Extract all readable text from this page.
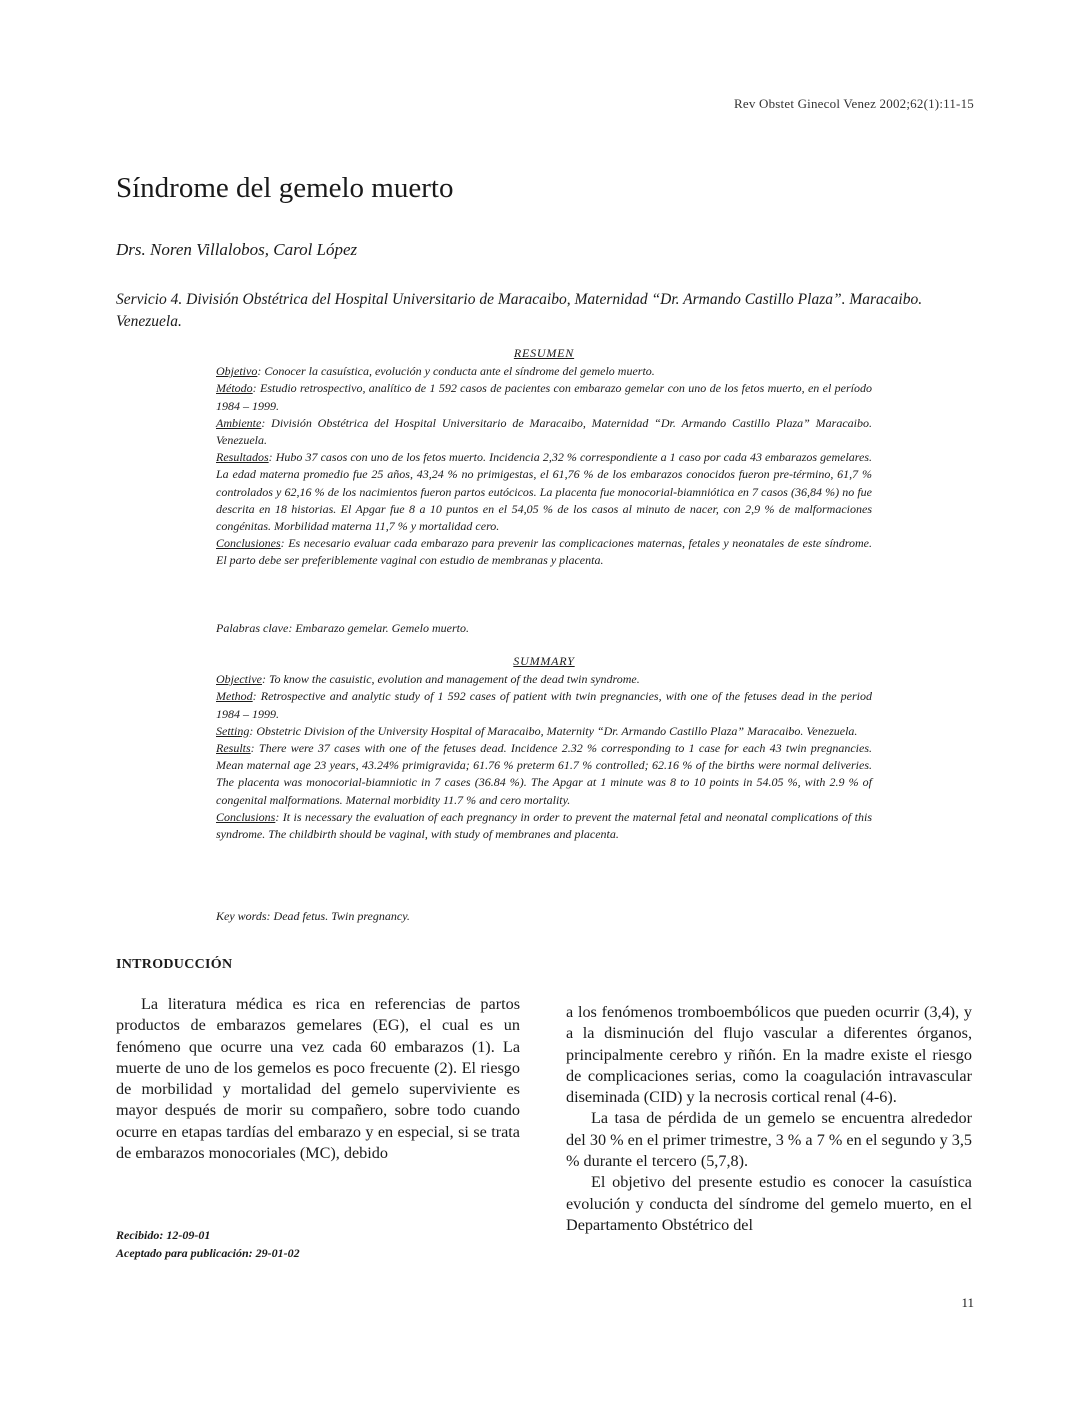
Rev Obstet Ginecol Venez 2002;62(1):11-15
Síndrome del gemelo muerto
Drs. Noren Villalobos, Carol López
Servicio 4. División Obstétrica del Hospital Universitario de Maracaibo, Maternidad “Dr. Armando Castillo Plaza”. Maracaibo. Venezuela.
RESUMEN

Objetivo: Conocer la casuística, evolución y conducta ante el síndrome del gemelo muerto.

Método: Estudio retrospectivo, analítico de 1 592 casos de pacientes con embarazo gemelar con uno de los fetos muerto, en el período 1984 – 1999.

Ambiente: División Obstétrica del Hospital Universitario de Maracaibo, Maternidad “Dr. Armando Castillo Plaza” Maracaibo. Venezuela.

Resultados: Hubo 37 casos con uno de los fetos muerto. Incidencia 2,32 % correspondiente a 1 caso por cada 43 embarazos gemelares. La edad materna promedio fue 25 años, 43,24 % no primigestas, el 61,76 % de los embarazos conocidos fueron pre-término, 61,7 % controlados y 62,16 % de los nacimientos fueron partos eutócicos. La placenta fue monocorial-biamniótica en 7 casos (36,84 %) no fue descrita en 18 historias. El Apgar fue 8 a 10 puntos en el 54,05 % de los casos al minuto de nacer, con 2,9 % de malformaciones congénitas. Morbilidad materna 11,7 % y mortalidad cero.

Conclusiones: Es necesario evaluar cada embarazo para prevenir las complicaciones maternas, fetales y neonatales de este síndrome. El parto debe ser preferiblemente vaginal con estudio de membranas y placenta.

Palabras clave: Embarazo gemelar. Gemelo muerto.
SUMMARY

Objective: To know the casuistic, evolution and management of the dead twin syndrome.

Method: Retrospective and analytic study of 1 592 cases of patient with twin pregnancies, with one of the fetuses dead in the period 1984 – 1999.

Setting: Obstetric Division of the University Hospital of Maracaibo, Maternity “Dr. Armando Castillo Plaza” Maracaibo. Venezuela.

Results: There were 37 cases with one of the fetuses dead. Incidence 2.32 % corresponding to 1 case for each 43 twin pregnancies. Mean maternal age 23 years, 43.24% primigravida; 61.76 % preterm 61.7 % controlled; 62.16 % of the births were normal deliveries. The placenta was monocorial-biamniotic in 7 cases (36.84 %). The Apgar at 1 minute was 8 to 10 points in 54.05 %, with 2.9 % of congenital malformations. Maternal morbidity 11.7 % and cero mortality.

Conclusions: It is necessary the evaluation of each pregnancy in order to prevent the maternal fetal and neonatal complications of this syndrome. The childbirth should be vaginal, with study of membranes and placenta.

Key words: Dead fetus. Twin pregnancy.
INTRODUCCIÓN

La literatura médica es rica en referencias de partos productos de embarazos gemelares (EG), el cual es un fenómeno que ocurre una vez cada 60 embarazos (1). La muerte de uno de los gemelos es poco frecuente (2). El riesgo de morbilidad y mortalidad del gemelo superviviente es mayor después de morir su compañero, sobre todo cuando ocurre en etapas tardías del embarazo y en especial, si se trata de embarazos monocoriales (MC), debido

a los fenómenos tromboembólicos que pueden ocurrir (3,4), y a la disminución del flujo vascular a diferentes órganos, principalmente cerebro y riñón. En la madre existe el riesgo de complicaciones serias, como la coagulación intravascular diseminada (CID) y la necrosis cortical renal (4-6).

La tasa de pérdida de un gemelo se encuentra alrededor del 30 % en el primer trimestre, 3 % a 7 % en el segundo y 3,5 % durante el tercero (5,7,8).

El objetivo del presente estudio es conocer la casuística evolución y conducta del síndrome del gemelo muerto, en el Departamento Obstétrico del

Recibido: 12-09-01
Aceptado para publicación: 29-01-02
11
